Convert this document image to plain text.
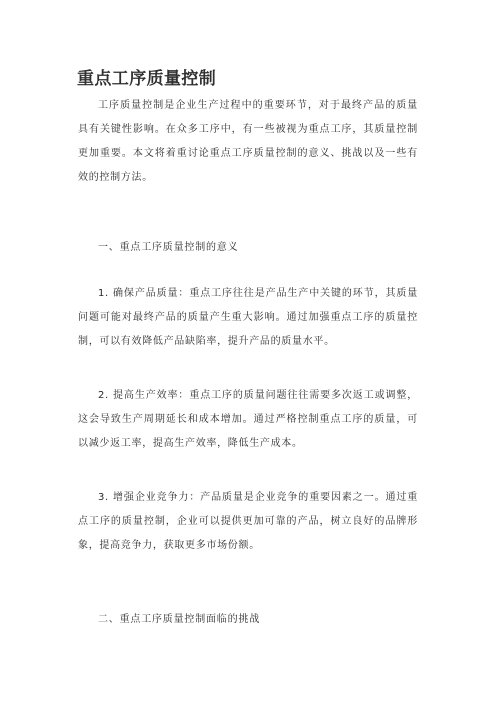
重点工序质量控制

工序质量控制是企业生产过程中的重要环节，对于最终产品的质量具有关键性影响。在众多工序中，有一些被视为重点工序，其质量控制更加重要。本文将着重讨论重点工序质量控制的意义、挑战以及一些有效的控制方法。

一、重点工序质量控制的意义

1. 确保产品质量：重点工序往往是产品生产中关键的环节，其质量问题可能对最终产品的质量产生重大影响。通过加强重点工序的质量控制，可以有效降低产品缺陷率，提升产品的质量水平。

2. 提高生产效率：重点工序的质量问题往往需要多次返工或调整，这会导致生产周期延长和成本增加。通过严格控制重点工序的质量，可以减少返工率，提高生产效率，降低生产成本。

3. 增强企业竞争力：产品质量是企业竞争的重要因素之一。通过重点工序的质量控制，企业可以提供更加可靠的产品，树立良好的品牌形象，提高竞争力，获取更多市场份额。

二、重点工序质量控制面临的挑战
